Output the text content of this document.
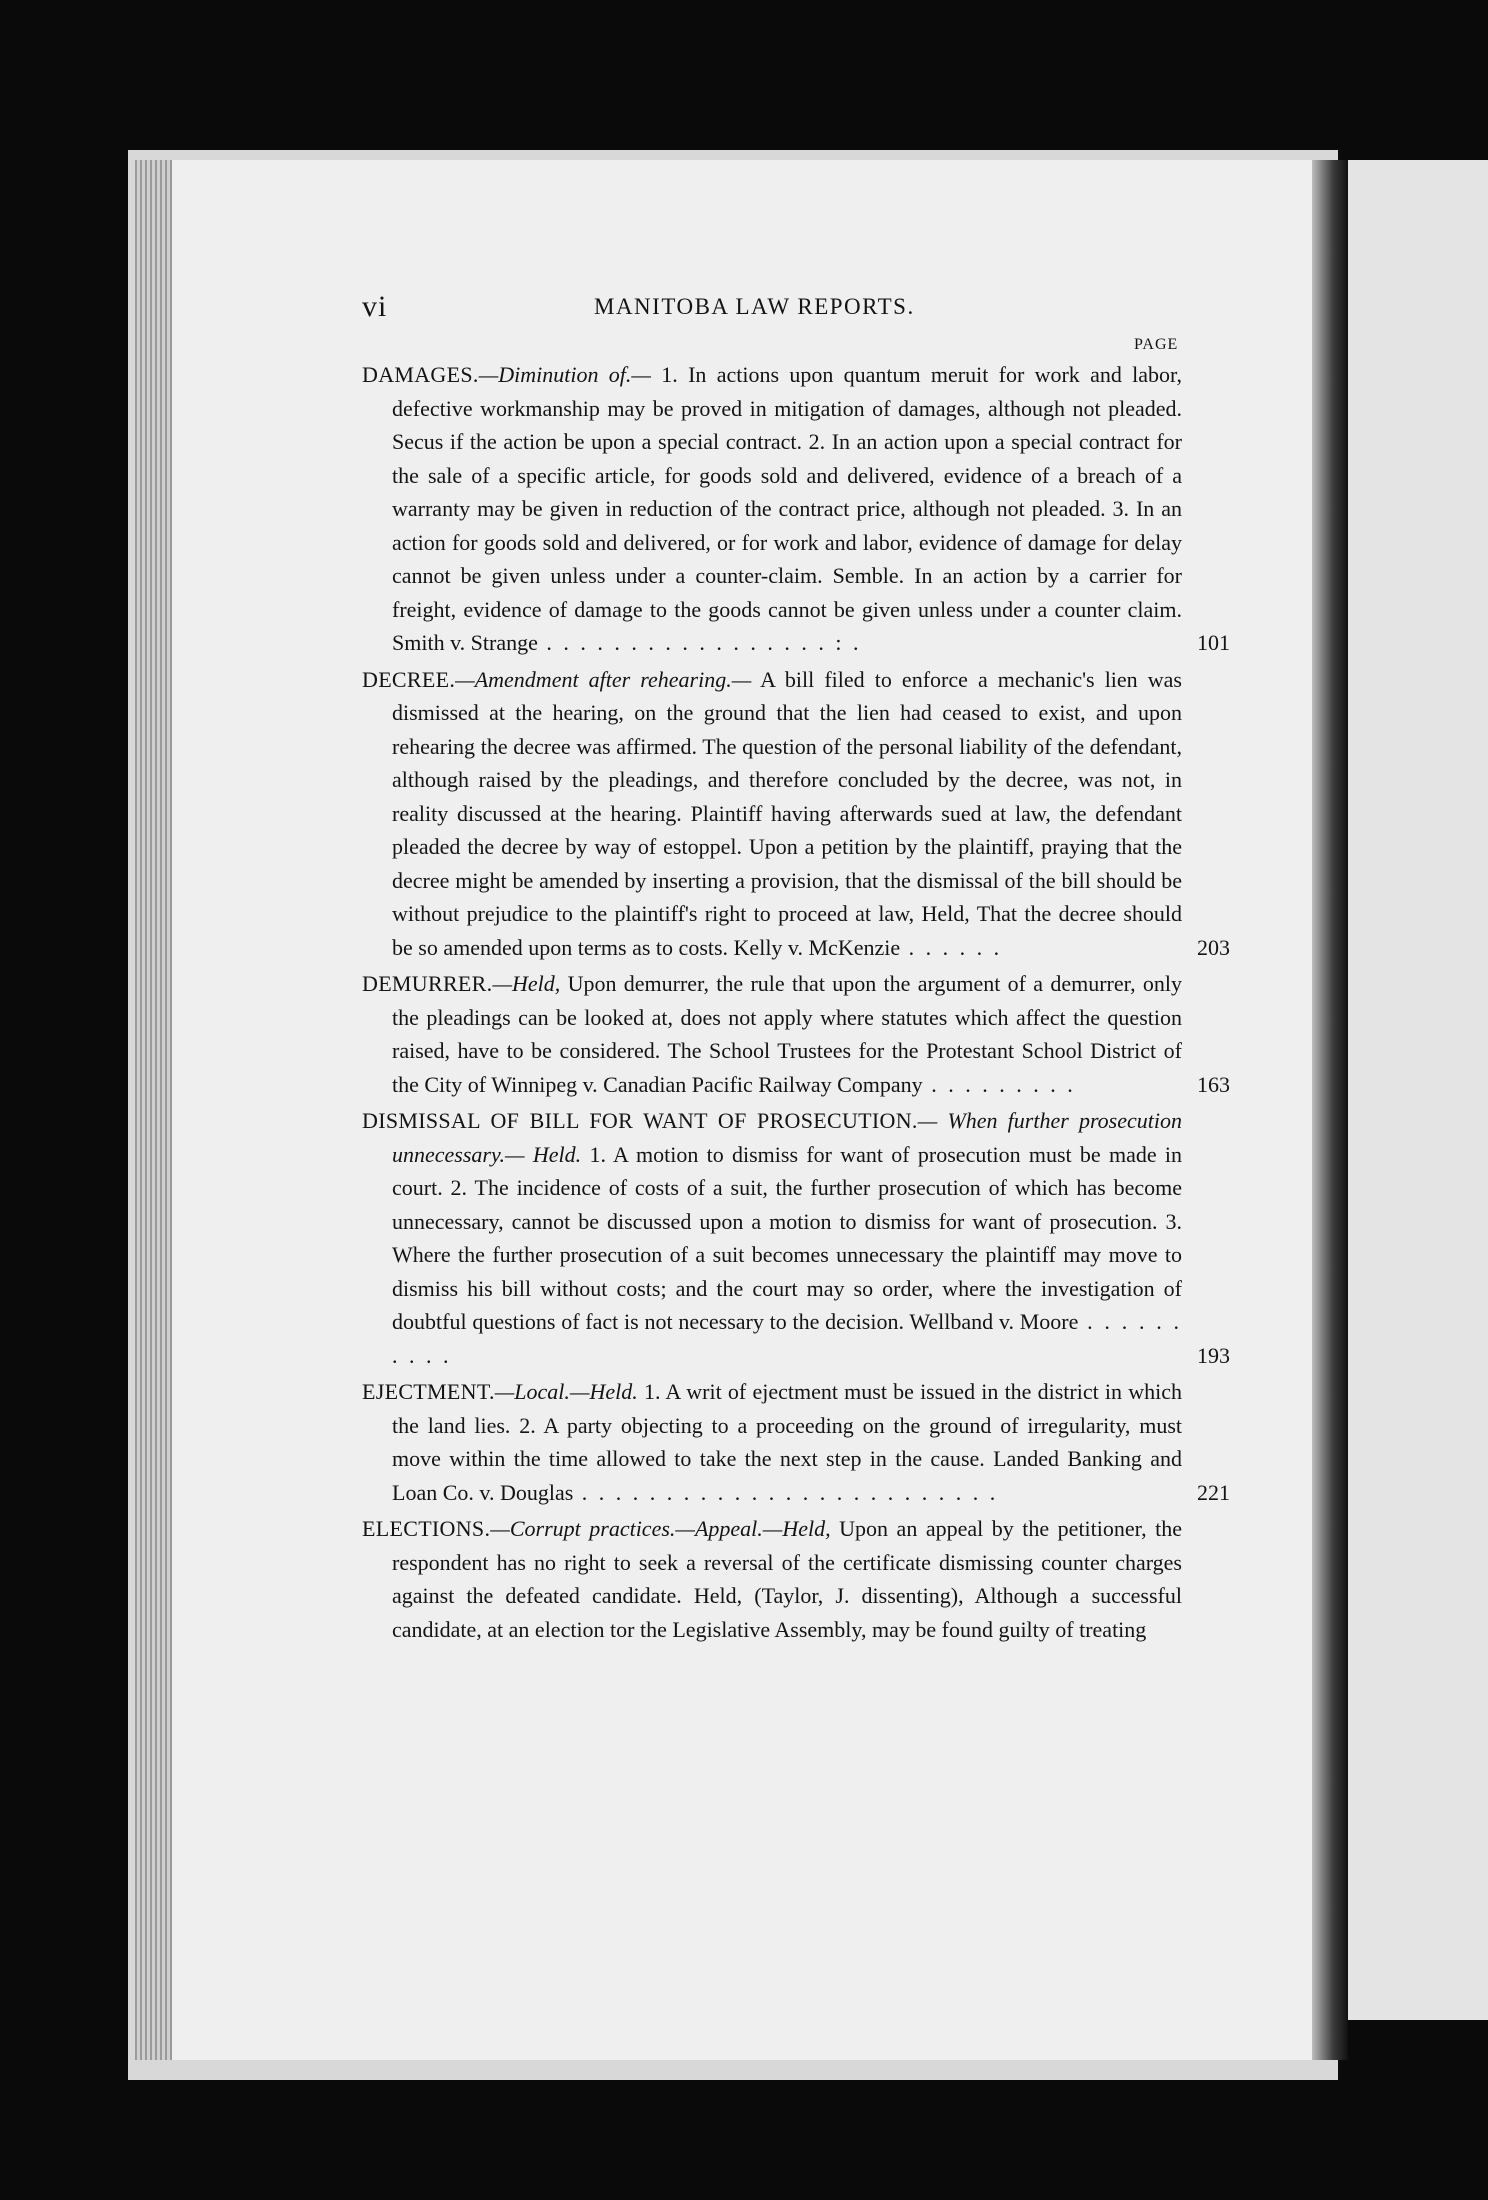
vi	MANITOBA LAW REPORTS.
PAGE

DAMAGES.—Diminution of.— 1. In actions upon quantum meruit for work and labor, defective workmanship may be proved in mitigation of damages, although not pleaded. Secus if the action be upon a special contract. 2. In an action upon a special contract for the sale of a specific article, for goods sold and delivered, evidence of a breach of a warranty may be given in reduction of the contract price, although not pleaded. 3. In an action for goods sold and delivered, or for work and labor, evidence of damage for delay cannot be given unless under a counter-claim. Semble. In an action by a carrier for freight, evidence of damage to the goods cannot be given unless under a counter claim. Smith v. Strange . . . . . . . . . . . . . . . . . : .	101

DECREE.—Amendment after rehearing.— A bill filed to enforce a mechanic's lien was dismissed at the hearing, on the ground that the lien had ceased to exist, and upon rehearing the decree was affirmed. The question of the personal liability of the defendant, although raised by the pleadings, and therefore concluded by the decree, was not, in reality discussed at the hearing. Plaintiff having afterwards sued at law, the defendant pleaded the decree by way of estoppel. Upon a petition by the plaintiff, praying that the decree might be amended by inserting a provision, that the dismissal of the bill should be without prejudice to the plaintiff's right to proceed at law, Held, That the decree should be so amended upon terms as to costs. Kelly v. McKenzie . . . . . .	203

DEMURRER.—Held, Upon demurrer, the rule that upon the argument of a demurrer, only the pleadings can be looked at, does not apply where statutes which affect the question raised, have to be considered. The School Trustees for the Protestant School District of the City of Winnipeg v. Canadian Pacific Railway Company . . . . . . . . .	163

DISMISSAL OF BILL FOR WANT OF PROSECUTION.— When further prosecution unnecessary.— Held. 1. A motion to dismiss for want of prosecution must be made in court. 2. The incidence of costs of a suit, the further prosecution of which has become unnecessary, cannot be discussed upon a motion to dismiss for want of prosecution. 3. Where the further prosecution of a suit becomes unnecessary the plaintiff may move to dismiss his bill without costs; and the court may so order, where the investigation of doubtful questions of fact is not necessary to the decision. Wellband v. Moore . . . . . . . . . .	193

EJECTMENT.—Local.—Held. 1. A writ of ejectment must be issued in the district in which the land lies. 2. A party objecting to a proceeding on the ground of irregularity, must move within the time allowed to take the next step in the cause. Landed Banking and Loan Co. v. Douglas . . . . . . . . . . . . . . . . . . . . . . . . .	221

ELECTIONS.—Corrupt practices.—Appeal.—Held, Upon an appeal by the petitioner, the respondent has no right to seek a reversal of the certificate dismissing counter charges against the defeated candidate. Held, (Taylor, J. dissenting), Although a successful candidate, at an election tor the Legislative Assembly, may be found guilty of treating
